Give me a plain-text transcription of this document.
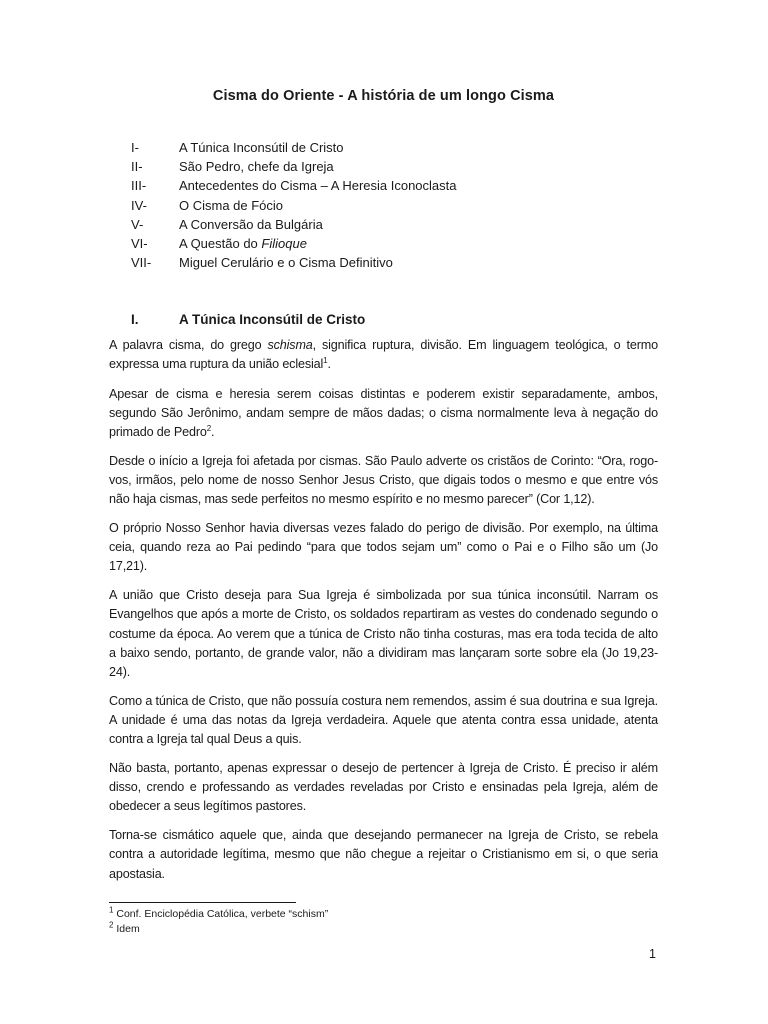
Cisma do Oriente - A história de um longo Cisma
I-	A Túnica Inconsútil de Cristo
II-	São Pedro, chefe da Igreja
III-	Antecedentes do Cisma – A Heresia Iconoclasta
IV- O Cisma de Fócio
V-	A Conversão da Bulgária
VI- A Questão do Filioque
VII- Miguel Cerulário e o Cisma Definitivo
I.	A Túnica Inconsútil de Cristo

A palavra cisma, do grego schisma, significa ruptura, divisão. Em linguagem teológica, o termo expressa uma ruptura da união eclesial$^1$.

Apesar de cisma e heresia serem coisas distintas e poderem existir separadamente, ambos, segundo São Jerônimo, andam sempre de mãos dadas; o cisma normalmente leva à negação do primado de Pedro$^2$.

Desde o início a Igreja foi afetada por cismas. São Paulo adverte os cristãos de Corinto: “Ora, rogo-vos, irmãos, pelo nome de nosso Senhor Jesus Cristo, que digais todos o mesmo e que entre vós não haja cismas, mas sede perfeitos no mesmo espírito e no mesmo parecer” (Cor 1,12).

O próprio Nosso Senhor havia diversas vezes falado do perigo de divisão. Por exemplo, na última ceia, quando reza ao Pai pedindo “para que todos sejam um” como o Pai e o Filho são um (Jo 17,21).

A união que Cristo deseja para Sua Igreja é simbolizada por sua túnica inconsútil. Narram os Evangelhos que após a morte de Cristo, os soldados repartiram as vestes do condenado segundo o costume da época. Ao verem que a túnica de Cristo não tinha costuras, mas era toda tecida de alto a baixo sendo, portanto, de grande valor, não a dividiram mas lançaram sorte sobre ela (Jo 19,23-24).

Como a túnica de Cristo, que não possuía costura nem remendos, assim é sua doutrina e sua Igreja. A unidade é uma das notas da Igreja verdadeira. Aquele que atenta contra essa unidade, atenta contra a Igreja tal qual Deus a quis.

Não basta, portanto, apenas expressar o desejo de pertencer à Igreja de Cristo. É preciso ir além disso, crendo e professando as verdades reveladas por Cristo e ensinadas pela Igreja, além de obedecer a seus legítimos pastores.

Torna-se cismático aquele que, ainda que desejando permanecer na Igreja de Cristo, se rebela contra a autoridade legítima, mesmo que não chegue a rejeitar o Cristianismo em si, o que seria apostasia.

$^1$ Conf. Enciclopédia Católica, verbete “schism”
$^2$ Idem
1
